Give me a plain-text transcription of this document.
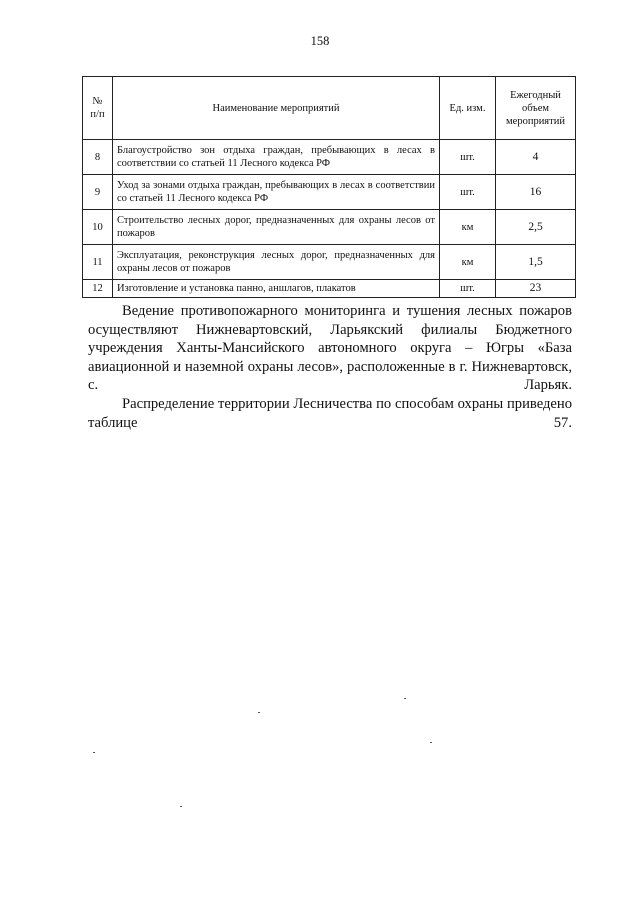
158
№ п/п	Наименование мероприятий	Ед. изм.	Ежегодный объем мероприятий
8	Благоустройство зон отдыха граждан, пребывающих в лесах в соответствии со статьей 11 Лесного кодекса РФ	шт.	4
9	Уход за зонами отдыха граждан, пребывающих в лесах в соответствии со статьей 11 Лесного кодекса РФ	шт.	16
10	Строительство лесных дорог, предназначенных для охраны лесов от пожаров	км	2,5
11	Эксплуатация, реконструкция лесных дорог, предназначенных для охраны лесов от пожаров	км	1,5
12	Изготовление и установка панно, аншлагов, плакатов	шт.	23

Ведение противопожарного мониторинга и тушения лесных пожаров осуществляют Нижневартовский, Ларьякский филиалы Бюджетного учреждения Ханты-Мансийского автономного округа – Югры «База авиационной и наземной охраны лесов», расположенные в г. Нижневартовск, с. Ларьяк.

Распределение территории Лесничества по способам охраны приведено таблице 57.
